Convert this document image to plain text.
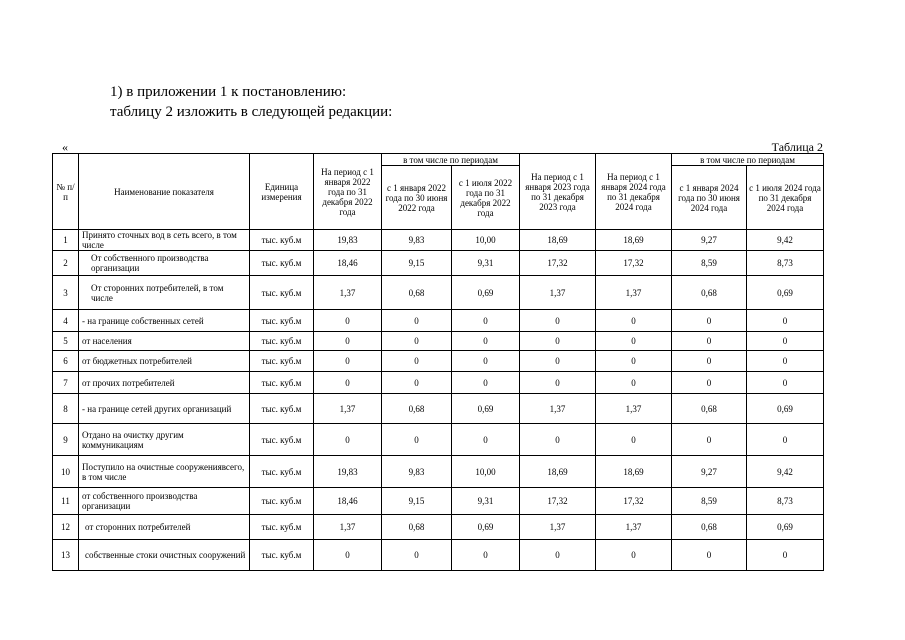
1) в приложении 1 к постановлению:
таблицу 2 изложить в следующей редакции:
«	Таблица 2
№ п/п	Наименование показателя	Единица измерения	На период с 1 января 2022 года по 31 декабря 2022 года	в том числе по периодам		На период с 1 января 2023 года по 31 декабря 2023 года	На период с 1 января 2024 года по 31 декабря 2024 года	в том числе по периодам	
				с 1 января 2022 года по 30 июня 2022 года	с 1 июля 2022 года по 31 декабря 2022 года			с 1 января 2024 года по 30 июня 2024 года	с 1 июля 2024 года по 31 декабря 2024 года
1	Принято сточных вод в сеть всего, в том числе	тыс. куб.м	19,83	9,83	10,00	18,69	18,69	9,27	9,42
2	От собственного производства организации	тыс. куб.м	18,46	9,15	9,31	17,32	17,32	8,59	8,73
3	От сторонних потребителей, в том числе	тыс. куб.м	1,37	0,68	0,69	1,37	1,37	0,68	0,69
4	- на границе собственных сетей	тыс. куб.м	0	0	0	0	0	0	0
5	от населения	тыс. куб.м	0	0	0	0	0	0	0
6	от бюджетных потребителей	тыс. куб.м	0	0	0	0	0	0	0
7	от прочих потребителей	тыс. куб.м	0	0	0	0	0	0	0
8	- на границе сетей других организаций	тыс. куб.м	1,37	0,68	0,69	1,37	1,37	0,68	0,69
9	Отдано на очистку другим коммуникациям	тыс. куб.м	0	0	0	0	0	0	0
10	Поступило на очистные сооружениявсего, в том числе	тыс. куб.м	19,83	9,83	10,00	18,69	18,69	9,27	9,42
11	от собственного производства организации	тыс. куб.м	18,46	9,15	9,31	17,32	17,32	8,59	8,73
12	от сторонних потребителей	тыс. куб.м	1,37	0,68	0,69	1,37	1,37	0,68	0,69
13	собственные стоки очистных сооружений	тыс. куб.м	0	0	0	0	0	0	0
